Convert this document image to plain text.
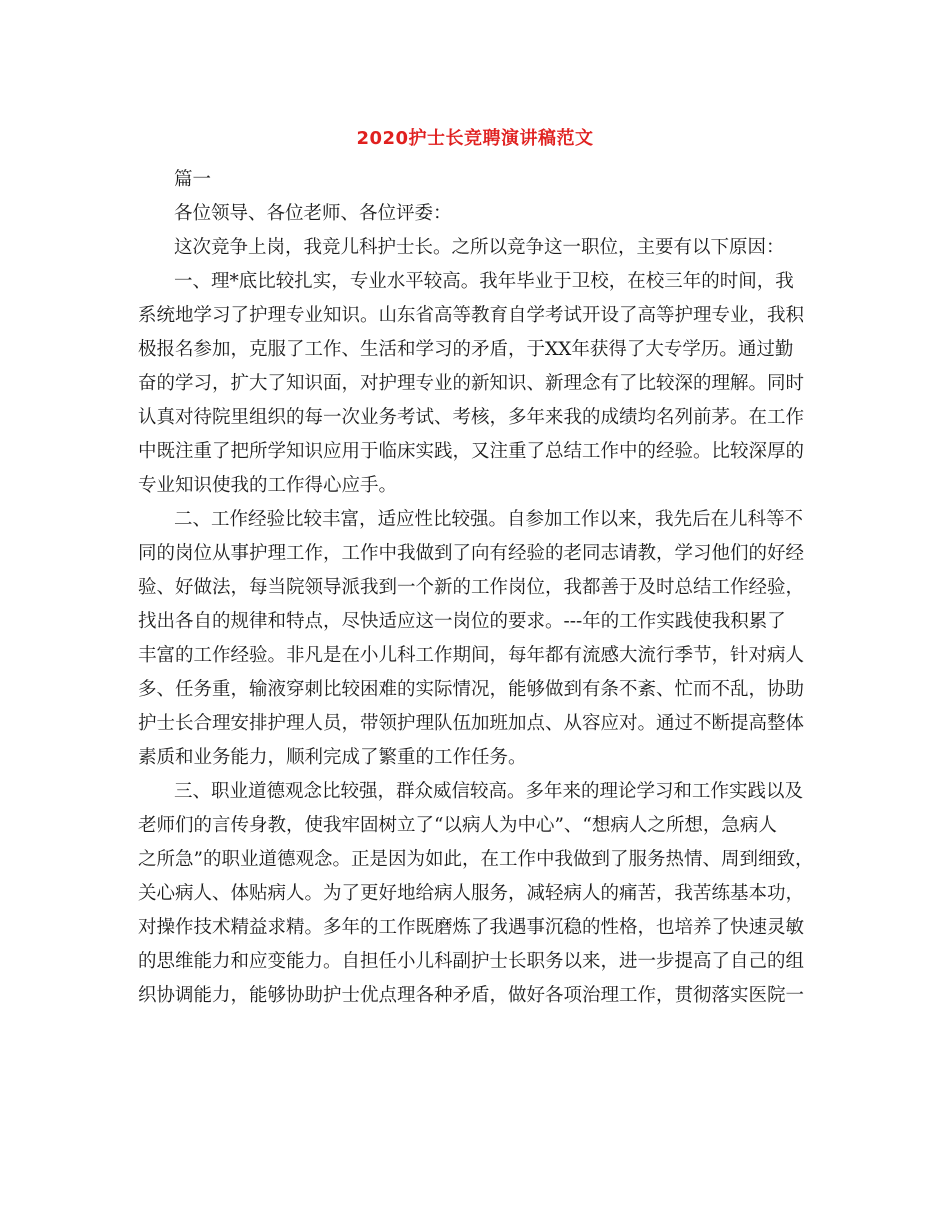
2020护士长竞聘演讲稿范文
篇一
各位领导、各位老师、各位评委：
这次竞争上岗，我竞儿科护士长。之所以竞争这一职位，主要有以下原因：
一、理*底比较扎实，专业水平较高。我年毕业于卫校，在校三年的时间，我
系统地学习了护理专业知识。山东省高等教育自学考试开设了高等护理专业，我积
极报名参加，克服了工作、生活和学习的矛盾，于XX年获得了大专学历。通过勤
奋的学习，扩大了知识面，对护理专业的新知识、新理念有了比较深的理解。同时
认真对待院里组织的每一次业务考试、考核，多年来我的成绩均名列前茅。在工作
中既注重了把所学知识应用于临床实践，又注重了总结工作中的经验。比较深厚的
专业知识使我的工作得心应手。
二、工作经验比较丰富，适应性比较强。自参加工作以来，我先后在儿科等不
同的岗位从事护理工作，工作中我做到了向有经验的老同志请教，学习他们的好经
验、好做法，每当院领导派我到一个新的工作岗位，我都善于及时总结工作经验，
找出各自的规律和特点，尽快适应这一岗位的要求。---年的工作实践使我积累了
丰富的工作经验。非凡是在小儿科工作期间，每年都有流感大流行季节，针对病人
多、任务重，输液穿刺比较困难的实际情况，能够做到有条不紊、忙而不乱，协助
护士长合理安排护理人员，带领护理队伍加班加点、从容应对。通过不断提高整体
素质和业务能力，顺利完成了繁重的工作任务。
三、职业道德观念比较强，群众威信较高。多年来的理论学习和工作实践以及
老师们的言传身教，使我牢固树立了“以病人为中心”、“想病人之所想，急病人
之所急”的职业道德观念。正是因为如此，在工作中我做到了服务热情、周到细致，
关心病人、体贴病人。为了更好地给病人服务，减轻病人的痛苦，我苦练基本功，
对操作技术精益求精。多年的工作既磨炼了我遇事沉稳的性格，也培养了快速灵敏
的思维能力和应变能力。自担任小儿科副护士长职务以来，进一步提高了自己的组
织协调能力，能够协助护士优点理各种矛盾，做好各项治理工作，贯彻落实医院一
